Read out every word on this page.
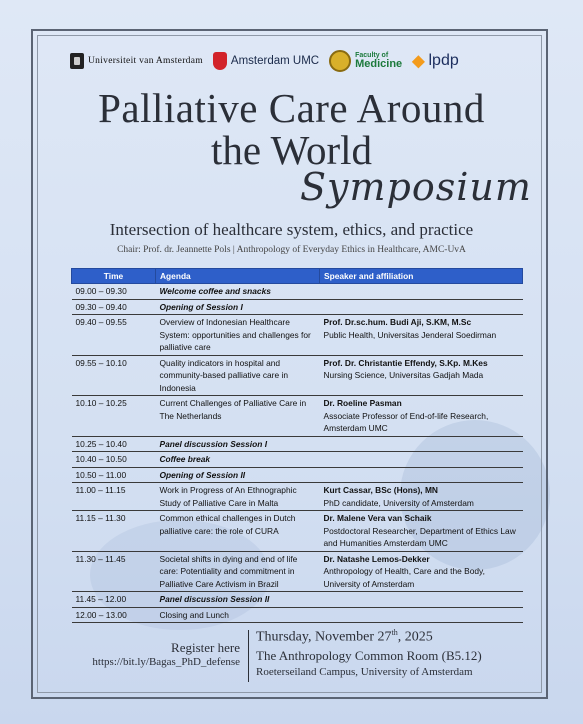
Universiteit van Amsterdam Amsterdam UMC	Faculty of
Medicine ◆ lpdp
Palliative Care Around
the World
Symposium
Intersection of healthcare system, ethics, and practice
Chair: Prof. dr. Jeannette Pols | Anthropology of Everyday Ethics in Healthcare, AMC-UvA
Time	Agenda	Speaker and affiliation
09.00 – 09.30	Welcome coffee and snacks	
09.30 – 09.40	Opening of Session I	
09.40 – 09.55	Overview of Indonesian Healthcare System: opportunities and challenges for palliative care	Prof. Dr.sc.hum. Budi Aji, S.KM, M.Sc
Public Health, Universitas Jenderal Soedirman

09.55 – 10.10	Quality indicators in hospital and community-based palliative care in Indonesia	Prof. Dr. Christantie Effendy, S.Kp. M.Kes
Nursing Science, Universitas Gadjah Mada

10.10 – 10.25	Current Challenges of Palliative Care in The Netherlands	Dr. Roeline Pasman
Associate Professor of End-of-life Research, Amsterdam UMC

10.25 – 10.40	Panel discussion Session I	
10.40 – 10.50	Coffee break	
10.50 – 11.00	Opening of Session II	
11.00 – 11.15	Work in Progress of An Ethnographic Study of Palliative Care in Malta	Kurt Cassar, BSc (Hons), MN
PhD candidate, University of Amsterdam

11.15 – 11.30	Common ethical challenges in Dutch palliative care: the role of CURA	Dr. Malene Vera van Schaik
Postdoctoral Researcher, Department of Ethics Law and Humanities Amsterdam UMC

11.30 – 11.45	Societal shifts in dying and end of life care: Potentiality and commitment in Palliative Care Activism in Brazil	Dr. Natashe Lemos-Dekker
Anthropology of Health, Care and the Body, University of Amsterdam

11.45 – 12.00	Panel discussion Session II	
12.00 – 13.00	Closing and Lunch	
Register here
https://bit.ly/Bagas_PhD_defense
Thursday, November 27th, 2025
The Anthropology Common Room (B5.12)
Roeterseiland Campus, University of Amsterdam
